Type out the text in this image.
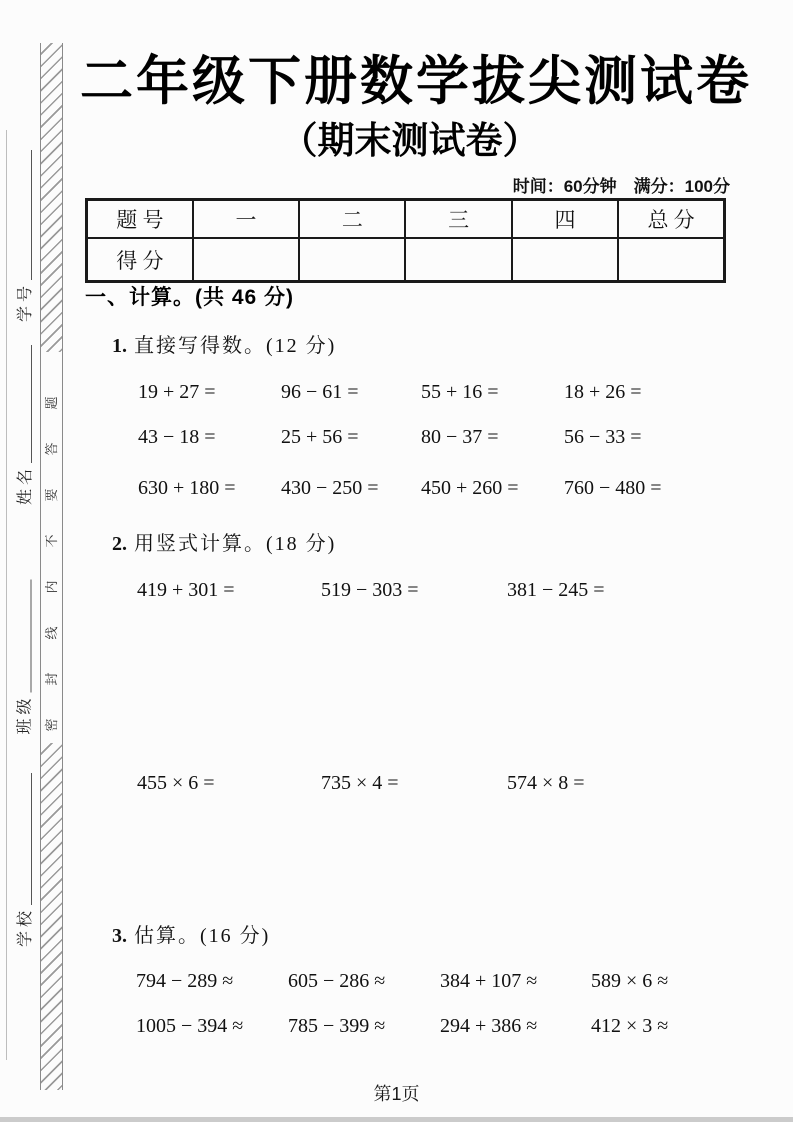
密封线内不要答题
学号
姓名
班级
学校
二年级下册数学拔尖测试卷
（期末测试卷）
时间：60分钟　满分：100分
题 号	一	二	三	四	总 分
得 分					
一、计算。(共 46 分)
1. 直接写得数。(12 分)
19 + 27 =	96 − 61 =	55 + 16 =	18 + 26 =
43 − 18 =	25 + 56 =	80 − 37 =	56 − 33 =
630 + 180 = 430 − 250 = 450 + 260 = 760 − 480 =
2. 用竖式计算。(18 分)
419 + 301 =	519 − 303 =	381 − 245 =
455 × 6 =	735 × 4 =	574 × 8 =
3. 估算。(16 分)
794 − 289 ≈	605 − 286 ≈	384 + 107 ≈	589 × 6 ≈
1005 − 394 ≈ 785 − 399 ≈	294 + 386 ≈	412 × 3 ≈
第1页
